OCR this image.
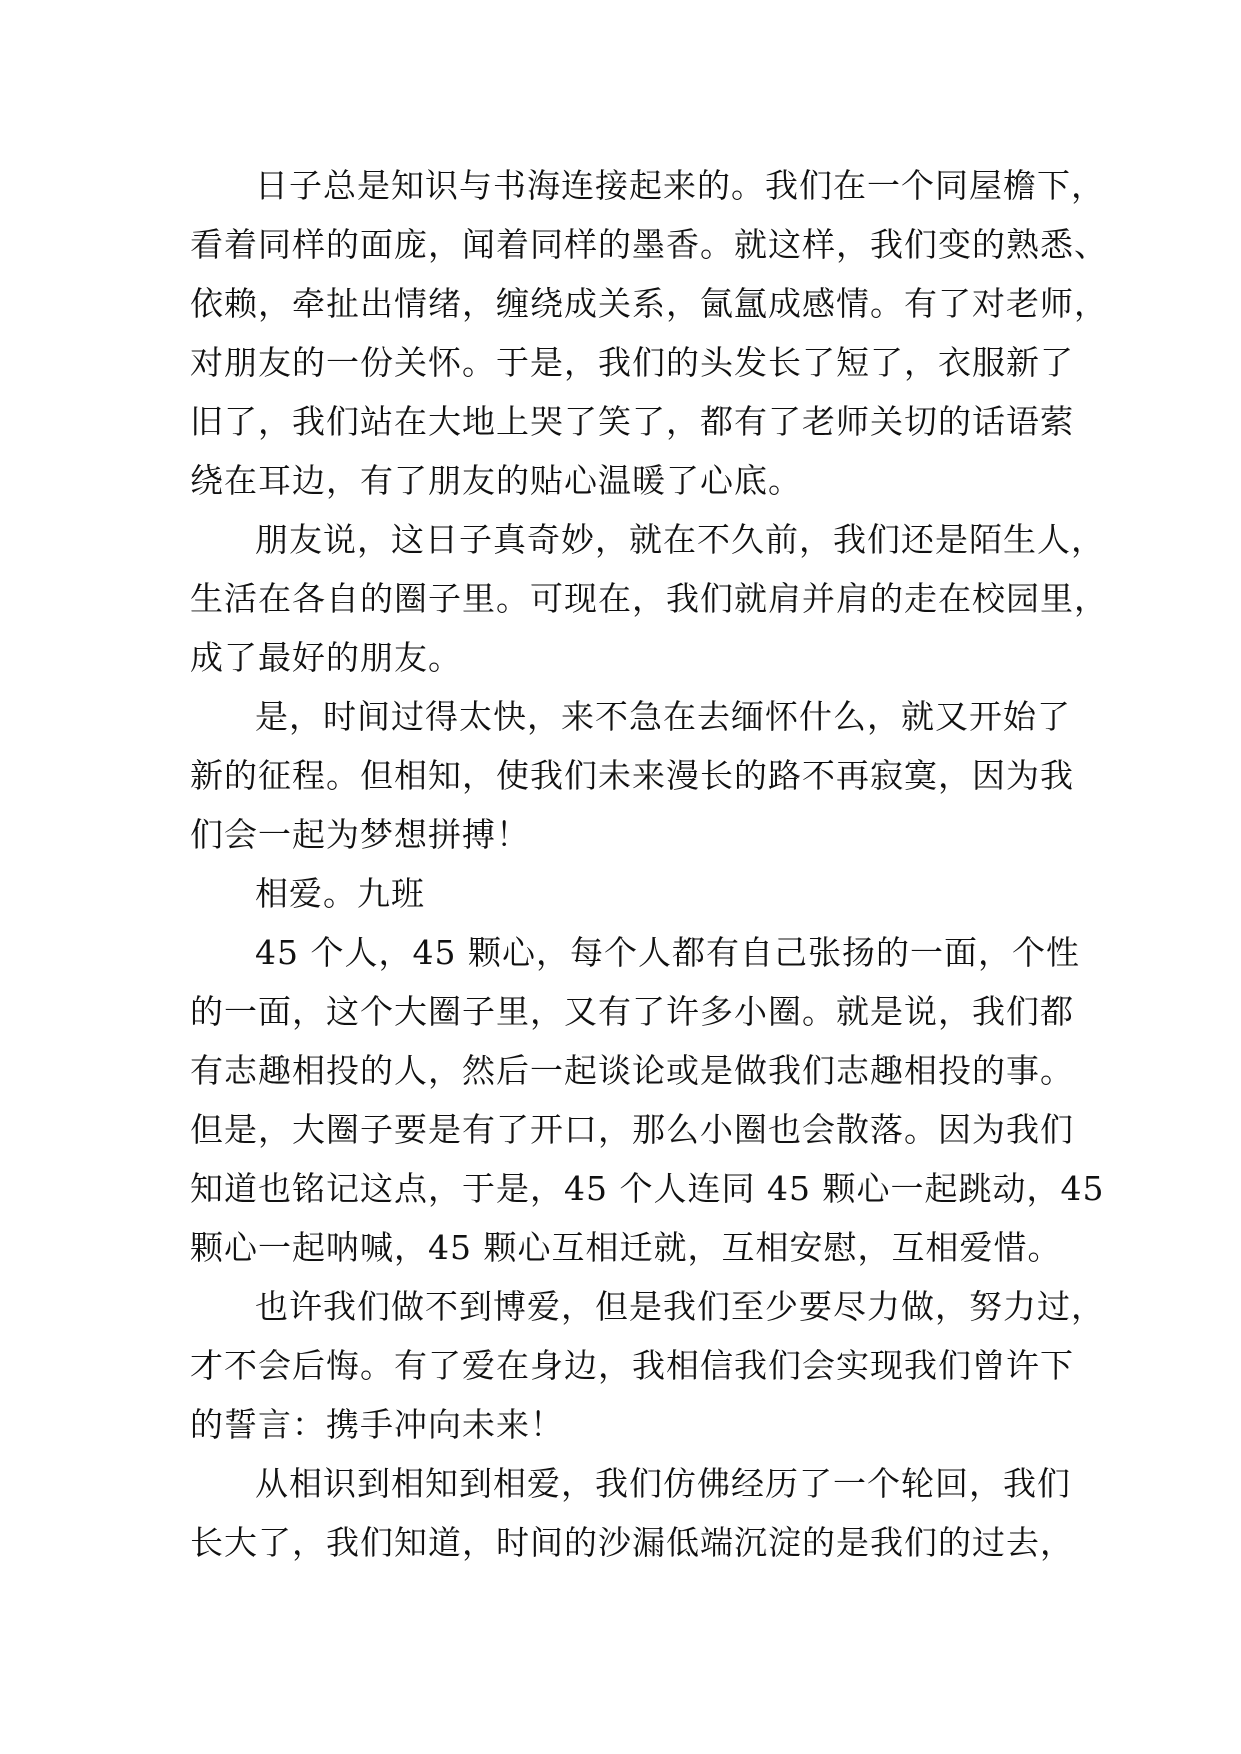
日子总是知识与书海连接起来的。我们在一个同屋檐下，
看着同样的面庞，闻着同样的墨香。就这样，我们变的熟悉、
依赖，牵扯出情绪，缠绕成关系，氤氲成感情。有了对老师，
对朋友的一份关怀。于是，我们的头发长了短了，衣服新了
旧了，我们站在大地上哭了笑了，都有了老师关切的话语萦
绕在耳边，有了朋友的贴心温暖了心底。
朋友说，这日子真奇妙，就在不久前，我们还是陌生人，
生活在各自的圈子里。可现在，我们就肩并肩的走在校园里，
成了最好的朋友。
是，时间过得太快，来不急在去缅怀什么，就又开始了
新的征程。但相知，使我们未来漫长的路不再寂寞，因为我
们会一起为梦想拼搏！
相爱。九班
45 个人，45 颗心，每个人都有自己张扬的一面，个性
的一面，这个大圈子里，又有了许多小圈。就是说，我们都
有志趣相投的人，然后一起谈论或是做我们志趣相投的事。
但是，大圈子要是有了开口，那么小圈也会散落。因为我们
知道也铭记这点，于是，45 个人连同 45 颗心一起跳动，45
颗心一起呐喊，45 颗心互相迁就，互相安慰，互相爱惜。
也许我们做不到博爱，但是我们至少要尽力做，努力过，
才不会后悔。有了爱在身边，我相信我们会实现我们曾许下
的誓言：携手冲向未来！
从相识到相知到相爱，我们仿佛经历了一个轮回，我们
长大了，我们知道，时间的沙漏低端沉淀的是我们的过去，
